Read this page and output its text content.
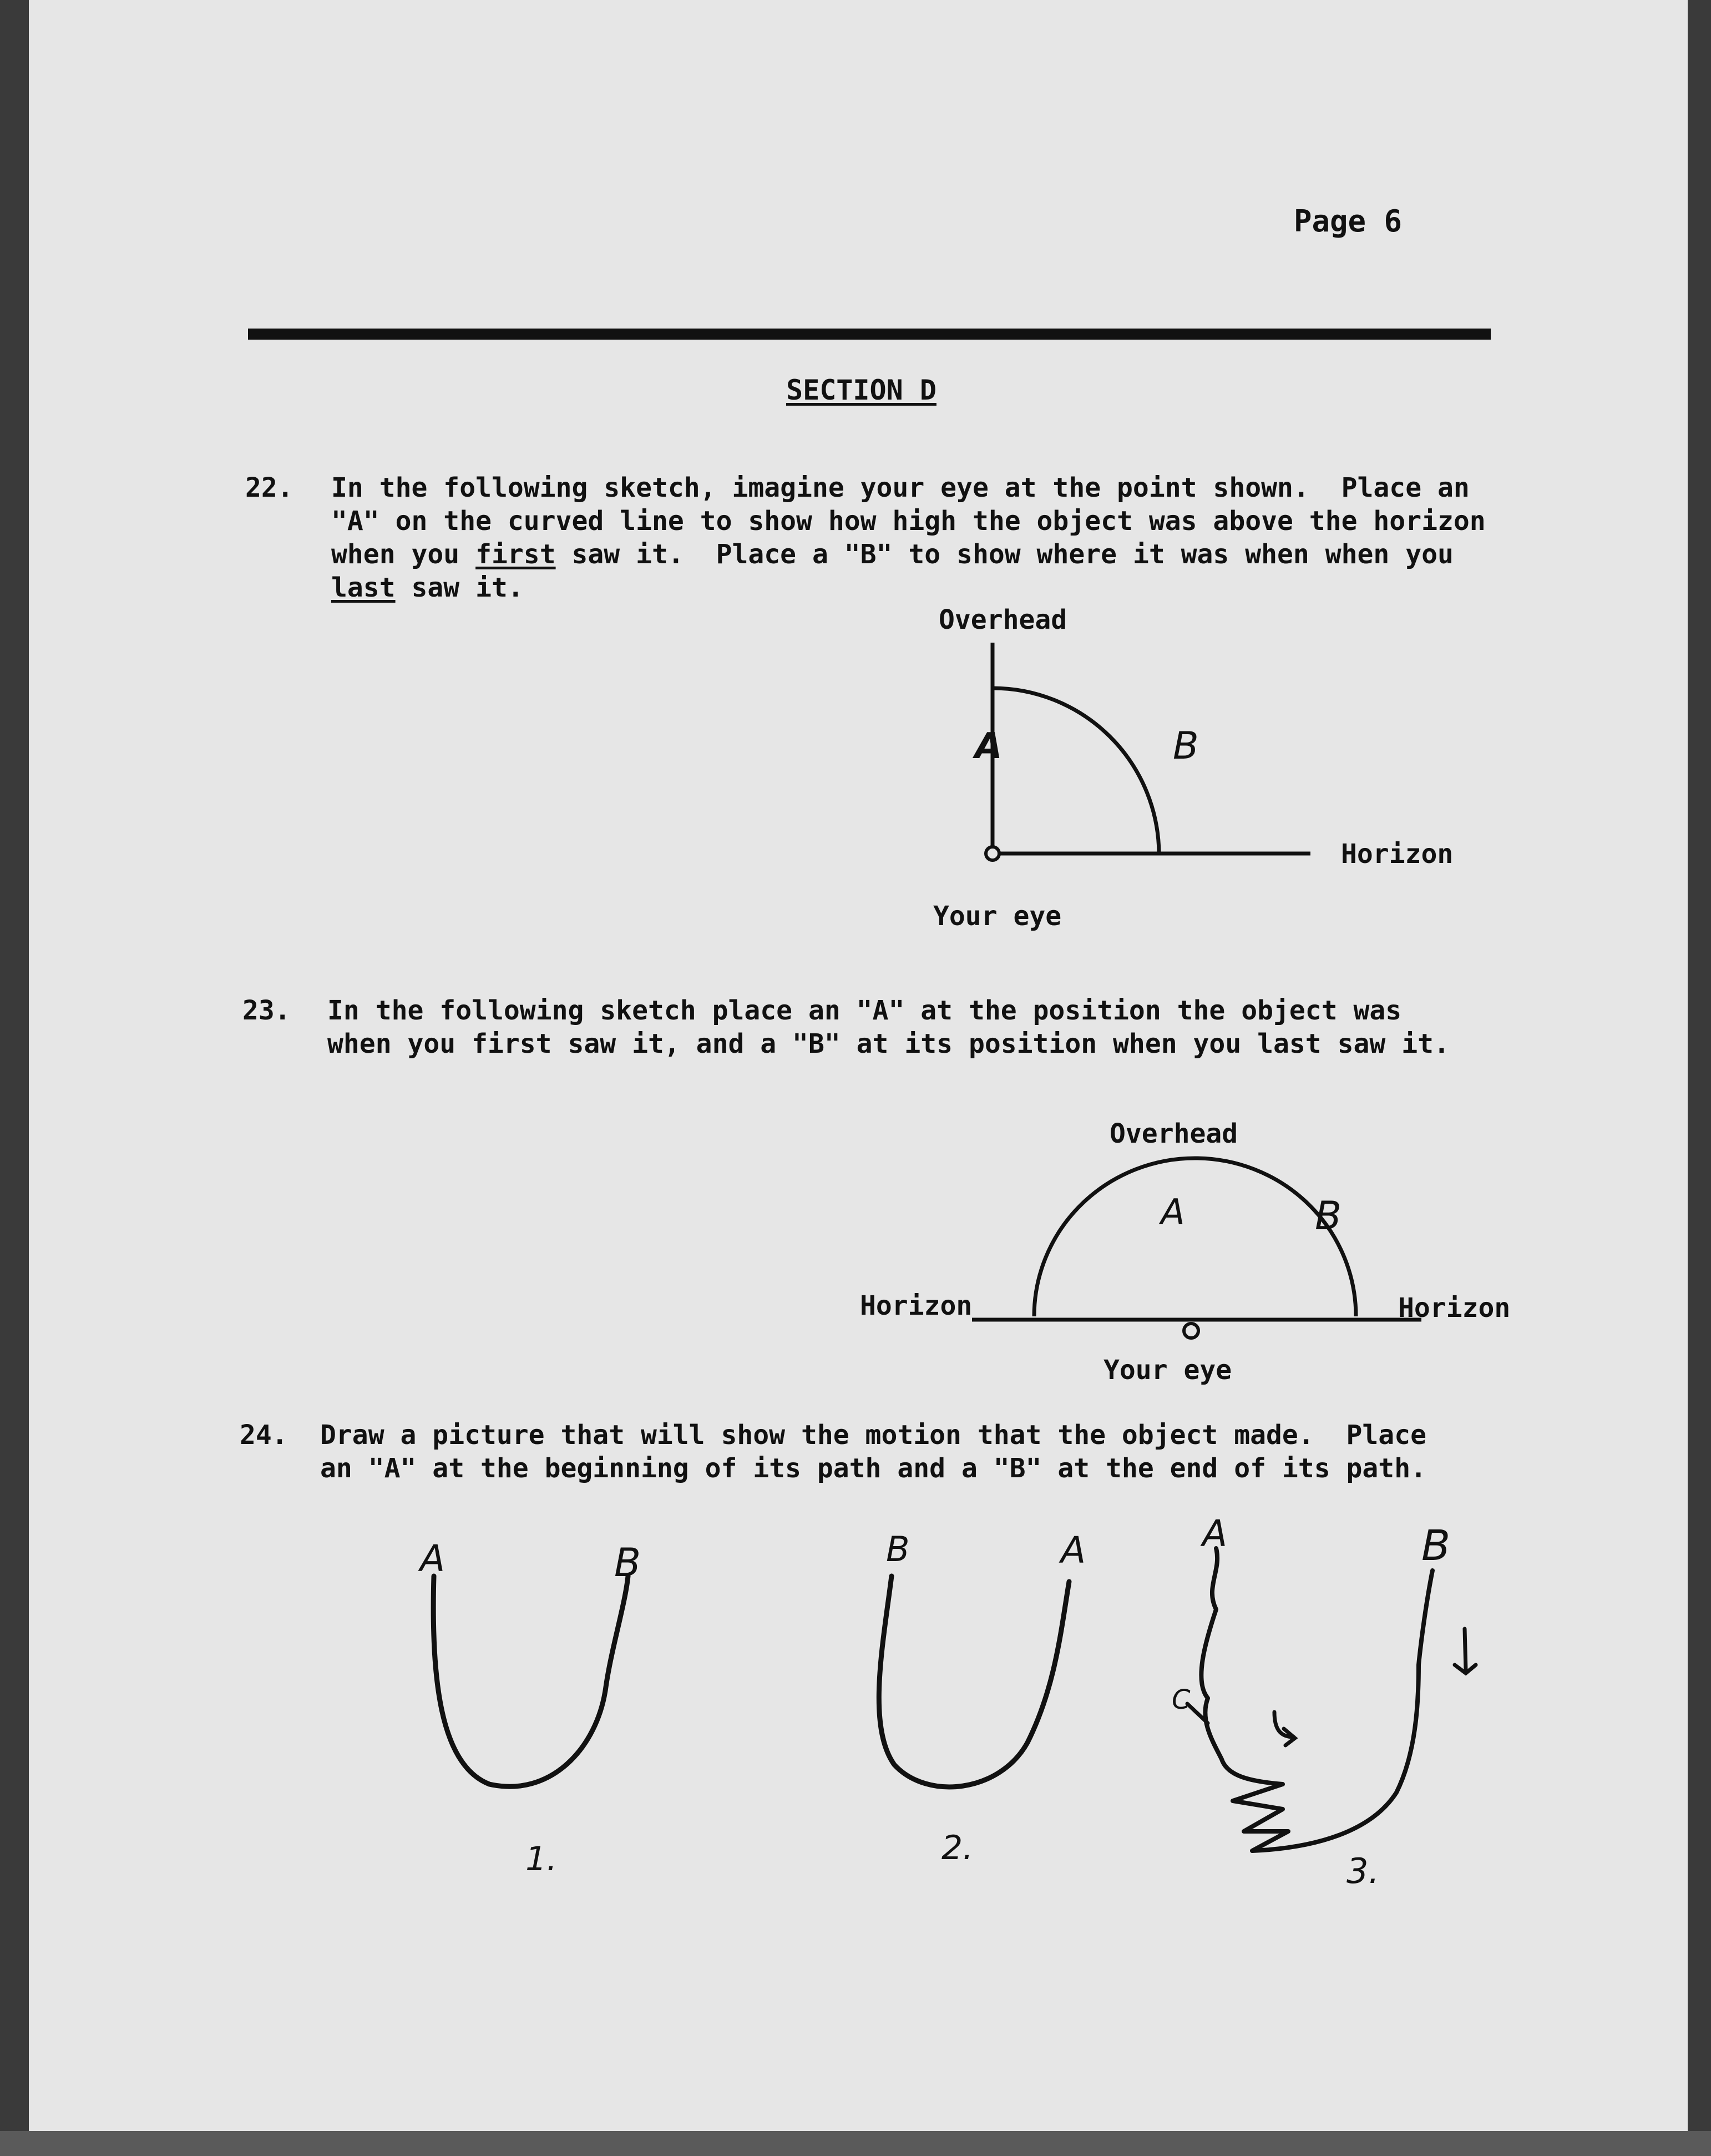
Page 6
SECTION D
22. In the following sketch, imagine your eye at the point shown.  Place an
"A" on the curved line to show how high the object was above the horizon
when you first saw it.  Place a "B" to show where it was when when you
last saw it.
Overhead
Horizon
Your eye
A	B
23. In the following sketch place an "A" at the position the object was
when you first saw it, and a "B" at its position when you last saw it.
Overhead
Horizon	Horizon
Your eye
A	B
24. Draw a picture that will show the motion that the object made.  Place
an "A" at the beginning of its path and a "B" at the end of its path.
A	B
1.
B	A
2.
A	B
C
3.
